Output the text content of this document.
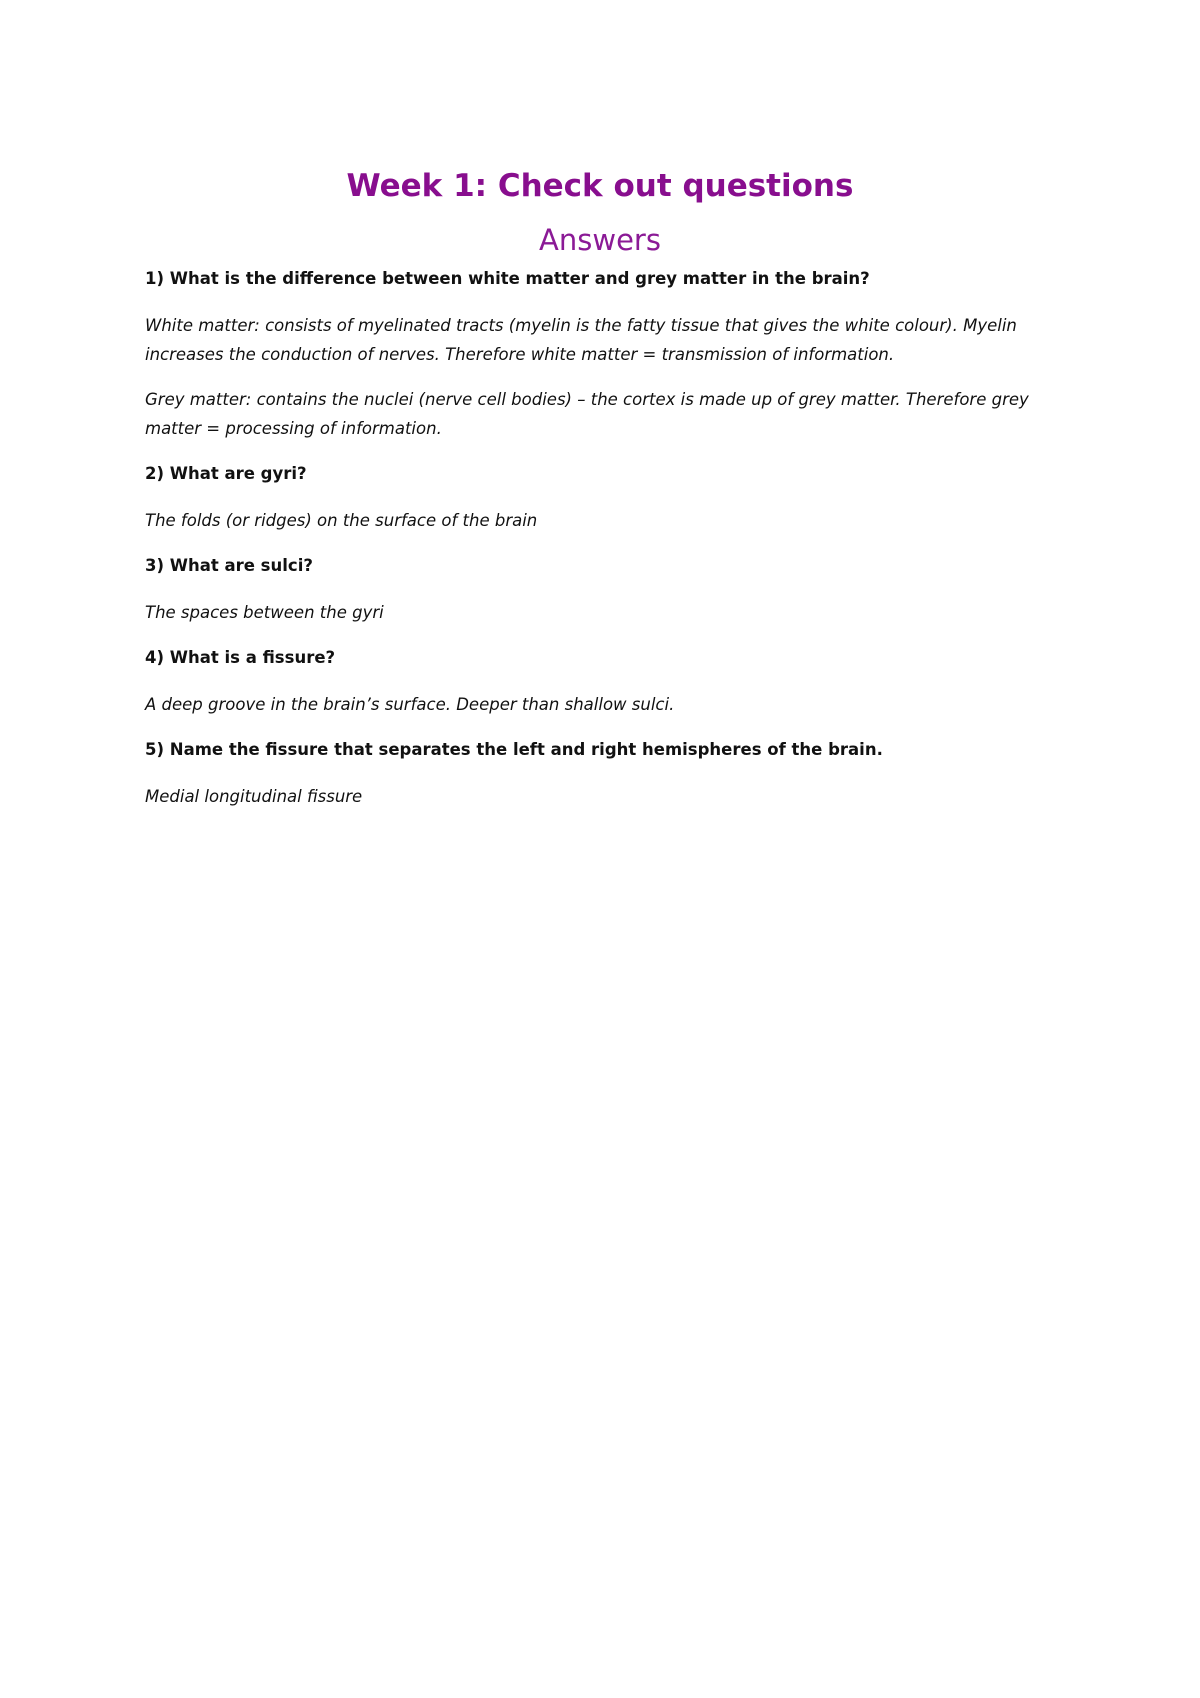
Week 1: Check out questions
Answers

1) What is the difference between white matter and grey matter in the brain?

White matter: consists of myelinated tracts (myelin is the fatty tissue that gives the white colour). Myelin increases the conduction of nerves. Therefore white matter = transmission of information.

Grey matter: contains the nuclei (nerve cell bodies) – the cortex is made up of grey matter. Therefore grey matter = processing of information.

2) What are gyri?

The folds (or ridges) on the surface of the brain

3) What are sulci?

The spaces between the gyri

4) What is a fissure?

A deep groove in the brain’s surface. Deeper than shallow sulci.

5) Name the fissure that separates the left and right hemispheres of the brain.

Medial longitudinal fissure
